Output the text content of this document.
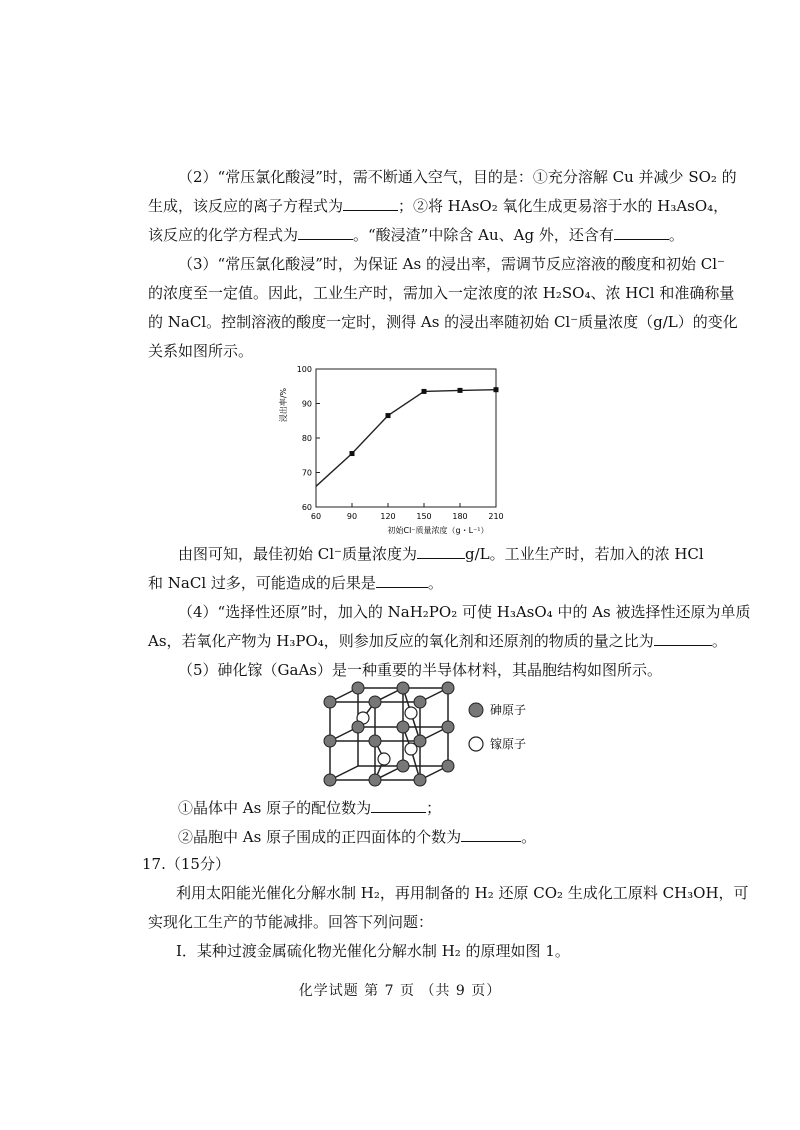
（2）“常压氯化酸浸”时，需不断通入空气，目的是：①充分溶解 Cu 并减少 SO₂ 的
生成，该反应的离子方程式为	；②将 HAsO₂ 氧化生成更易溶于水的 H₃AsO₄，
该反应的化学方程式为	。“酸浸渣”中除含 Au、Ag 外，还含有	。
（3）“常压氯化酸浸”时，为保证 As 的浸出率，需调节反应溶液的酸度和初始 Cl⁻
的浓度至一定值。因此，工业生产时，需加入一定浓度的浓 H₂SO₄、浓 HCl 和准确称量
的 NaCl。控制溶液的酸度一定时，测得 As 的浸出率随初始 Cl⁻质量浓度（g/L）的变化
关系如图所示。
60	90	120	150	180	210
60
70
80
90
100
浸出率/%
初始Cl⁻质量浓度（g・L⁻¹）
由图可知，最佳初始 Cl⁻质量浓度为	g/L。工业生产时，若加入的浓 HCl
和 NaCl 过多，可能造成的后果是	。
（4）“选择性还原”时，加入的 NaH₂PO₂ 可使 H₃AsO₄ 中的 As 被选择性还原为单质
As，若氧化产物为 H₃PO₄，则参加反应的氧化剂和还原剂的物质的量之比为	。
（5）砷化镓（GaAs）是一种重要的半导体材料，其晶胞结构如图所示。
砷原子
镓原子
①晶体中 As 原子的配位数为	；
②晶胞中 As 原子围成的正四面体的个数为	。
17.（15分）
利用太阳能光催化分解水制 H₂，再用制备的 H₂ 还原 CO₂ 生成化工原料 CH₃OH，可
实现化工生产的节能减排。回答下列问题：
Ⅰ．某种过渡金属硫化物光催化分解水制 H₂ 的原理如图 1。
化学试题 第 7 页 （共 9 页）
